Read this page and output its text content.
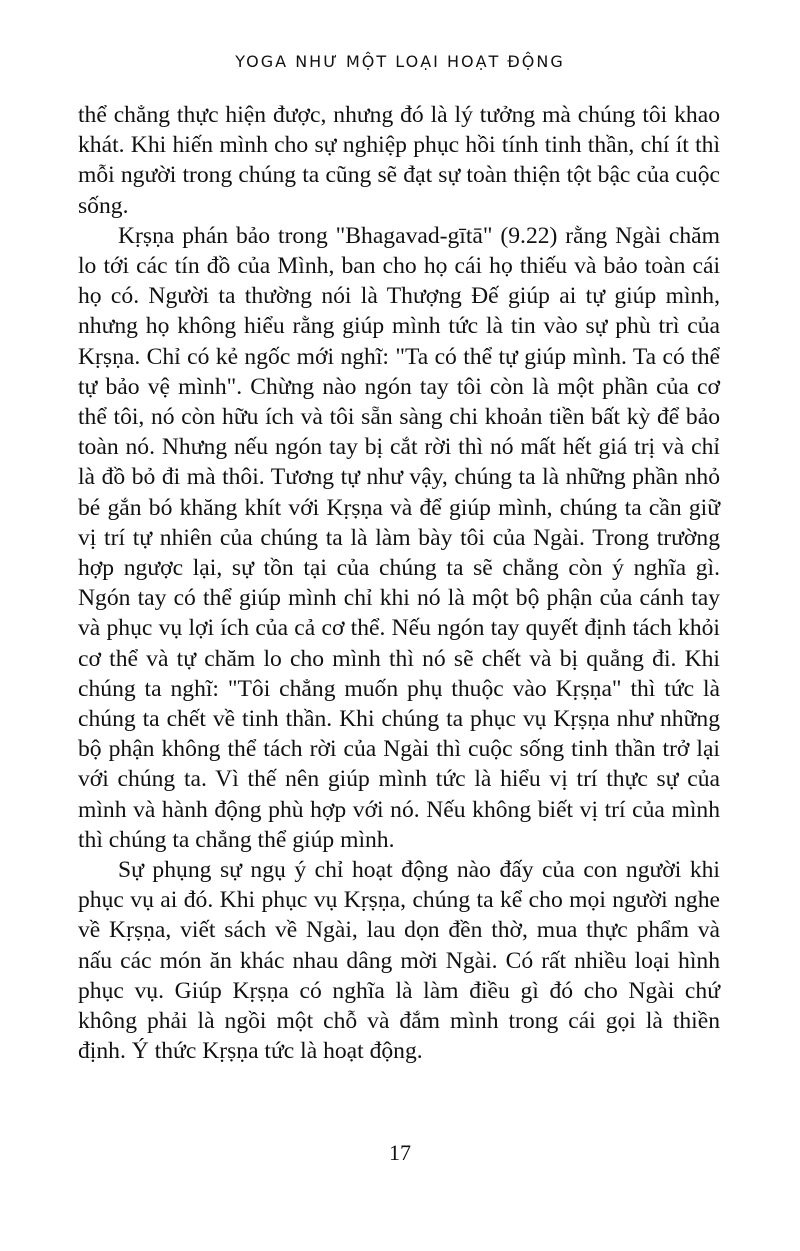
YOGA NHƯ MỘT LOẠI HOẠT ĐỘNG

thể chẳng thực hiện được, nhưng đó là lý tưởng mà chúng tôi khao khát. Khi hiến mình cho sự nghiệp phục hồi tính tinh thần, chí ít thì mỗi người trong chúng ta cũng sẽ đạt sự toàn thiện tột bậc của cuộc sống.

Kṛṣṇa phán bảo trong "Bhagavad-gītā" (9.22) rằng Ngài chăm lo tới các tín đồ của Mình, ban cho họ cái họ thiếu và bảo toàn cái họ có. Người ta thường nói là Thượng Đế giúp ai tự giúp mình, nhưng họ không hiểu rằng giúp mình tức là tin vào sự phù trì của Kṛṣṇa. Chỉ có kẻ ngốc mới nghĩ: "Ta có thể tự giúp mình. Ta có thể tự bảo vệ mình". Chừng nào ngón tay tôi còn là một phần của cơ thể tôi, nó còn hữu ích và tôi sẵn sàng chi khoản tiền bất kỳ để bảo toàn nó. Nhưng nếu ngón tay bị cắt rời thì nó mất hết giá trị và chỉ là đồ bỏ đi mà thôi. Tương tự như vậy, chúng ta là những phần nhỏ bé gắn bó khăng khít với Kṛṣṇa và để giúp mình, chúng ta cần giữ vị trí tự nhiên của chúng ta là làm bày tôi của Ngài. Trong trường hợp ngược lại, sự tồn tại của chúng ta sẽ chẳng còn ý nghĩa gì. Ngón tay có thể giúp mình chỉ khi nó là một bộ phận của cánh tay và phục vụ lợi ích của cả cơ thể. Nếu ngón tay quyết định tách khỏi cơ thể và tự chăm lo cho mình thì nó sẽ chết và bị quẳng đi. Khi chúng ta nghĩ: "Tôi chẳng muốn phụ thuộc vào Kṛṣṇa" thì tức là chúng ta chết về tinh thần. Khi chúng ta phục vụ Kṛṣṇa như những bộ phận không thể tách rời của Ngài thì cuộc sống tinh thần trở lại với chúng ta. Vì thế nên giúp mình tức là hiểu vị trí thực sự của mình và hành động phù hợp với nó. Nếu không biết vị trí của mình thì chúng ta chẳng thể giúp mình.

Sự phụng sự ngụ ý chỉ hoạt động nào đấy của con người khi phục vụ ai đó. Khi phục vụ Kṛṣṇa, chúng ta kể cho mọi người nghe về Kṛṣṇa, viết sách về Ngài, lau dọn đền thờ, mua thực phẩm và nấu các món ăn khác nhau dâng mời Ngài. Có rất nhiều loại hình phục vụ. Giúp Kṛṣṇa có nghĩa là làm điều gì đó cho Ngài chứ không phải là ngồi một chỗ và đắm mình trong cái gọi là thiền định. Ý thức Kṛṣṇa tức là hoạt động.

17
